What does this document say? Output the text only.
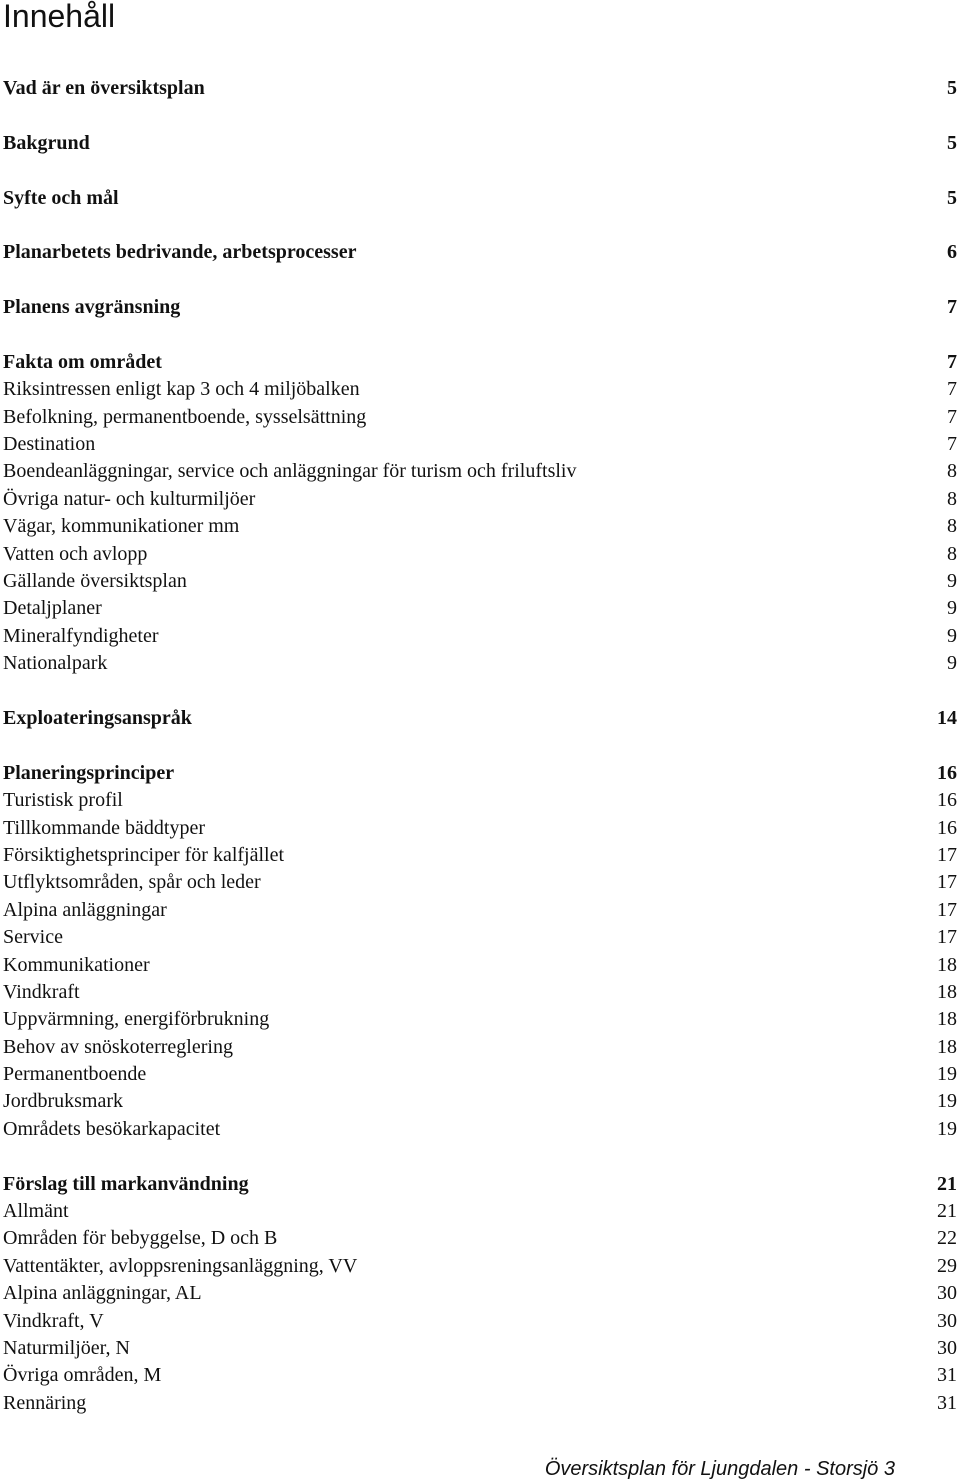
Innehåll
Vad är en översiktsplan	5
Bakgrund	5
Syfte och mål	5
Planarbetets bedrivande, arbetsprocesser	6
Planens avgränsning	7
Fakta om området	7
Riksintressen enligt kap 3 och 4 miljöbalken	7
Befolkning, permanentboende, sysselsättning	7
Destination	7
Boendeanläggningar, service och anläggningar för turism och friluftsliv	8
Övriga natur- och kulturmiljöer	8
Vägar, kommunikationer mm	8
Vatten och avlopp	8
Gällande översiktsplan	9
Detaljplaner	9
Mineralfyndigheter	9
Nationalpark	9
Exploateringsanspråk	14
Planeringsprinciper	16
Turistisk profil	16
Tillkommande bäddtyper	16
Försiktighetsprinciper för kalfjället	17
Utflyktsområden, spår och leder	17
Alpina anläggningar	17
Service	17
Kommunikationer	18
Vindkraft	18
Uppvärmning, energiförbrukning	18
Behov av snöskoterreglering	18
Permanentboende	19
Jordbruksmark	19
Områdets besökarkapacitet	19
Förslag till markanvändning	21
Allmänt	21
Områden för bebyggelse, D och B	22
Vattentäkter, avloppsreningsanläggning, VV	29
Alpina anläggningar, AL	30
Vindkraft, V	30
Naturmiljöer, N	30
Övriga områden, M	31
Rennäring	31
Översiktsplan för Ljungdalen - Storsjö 3
